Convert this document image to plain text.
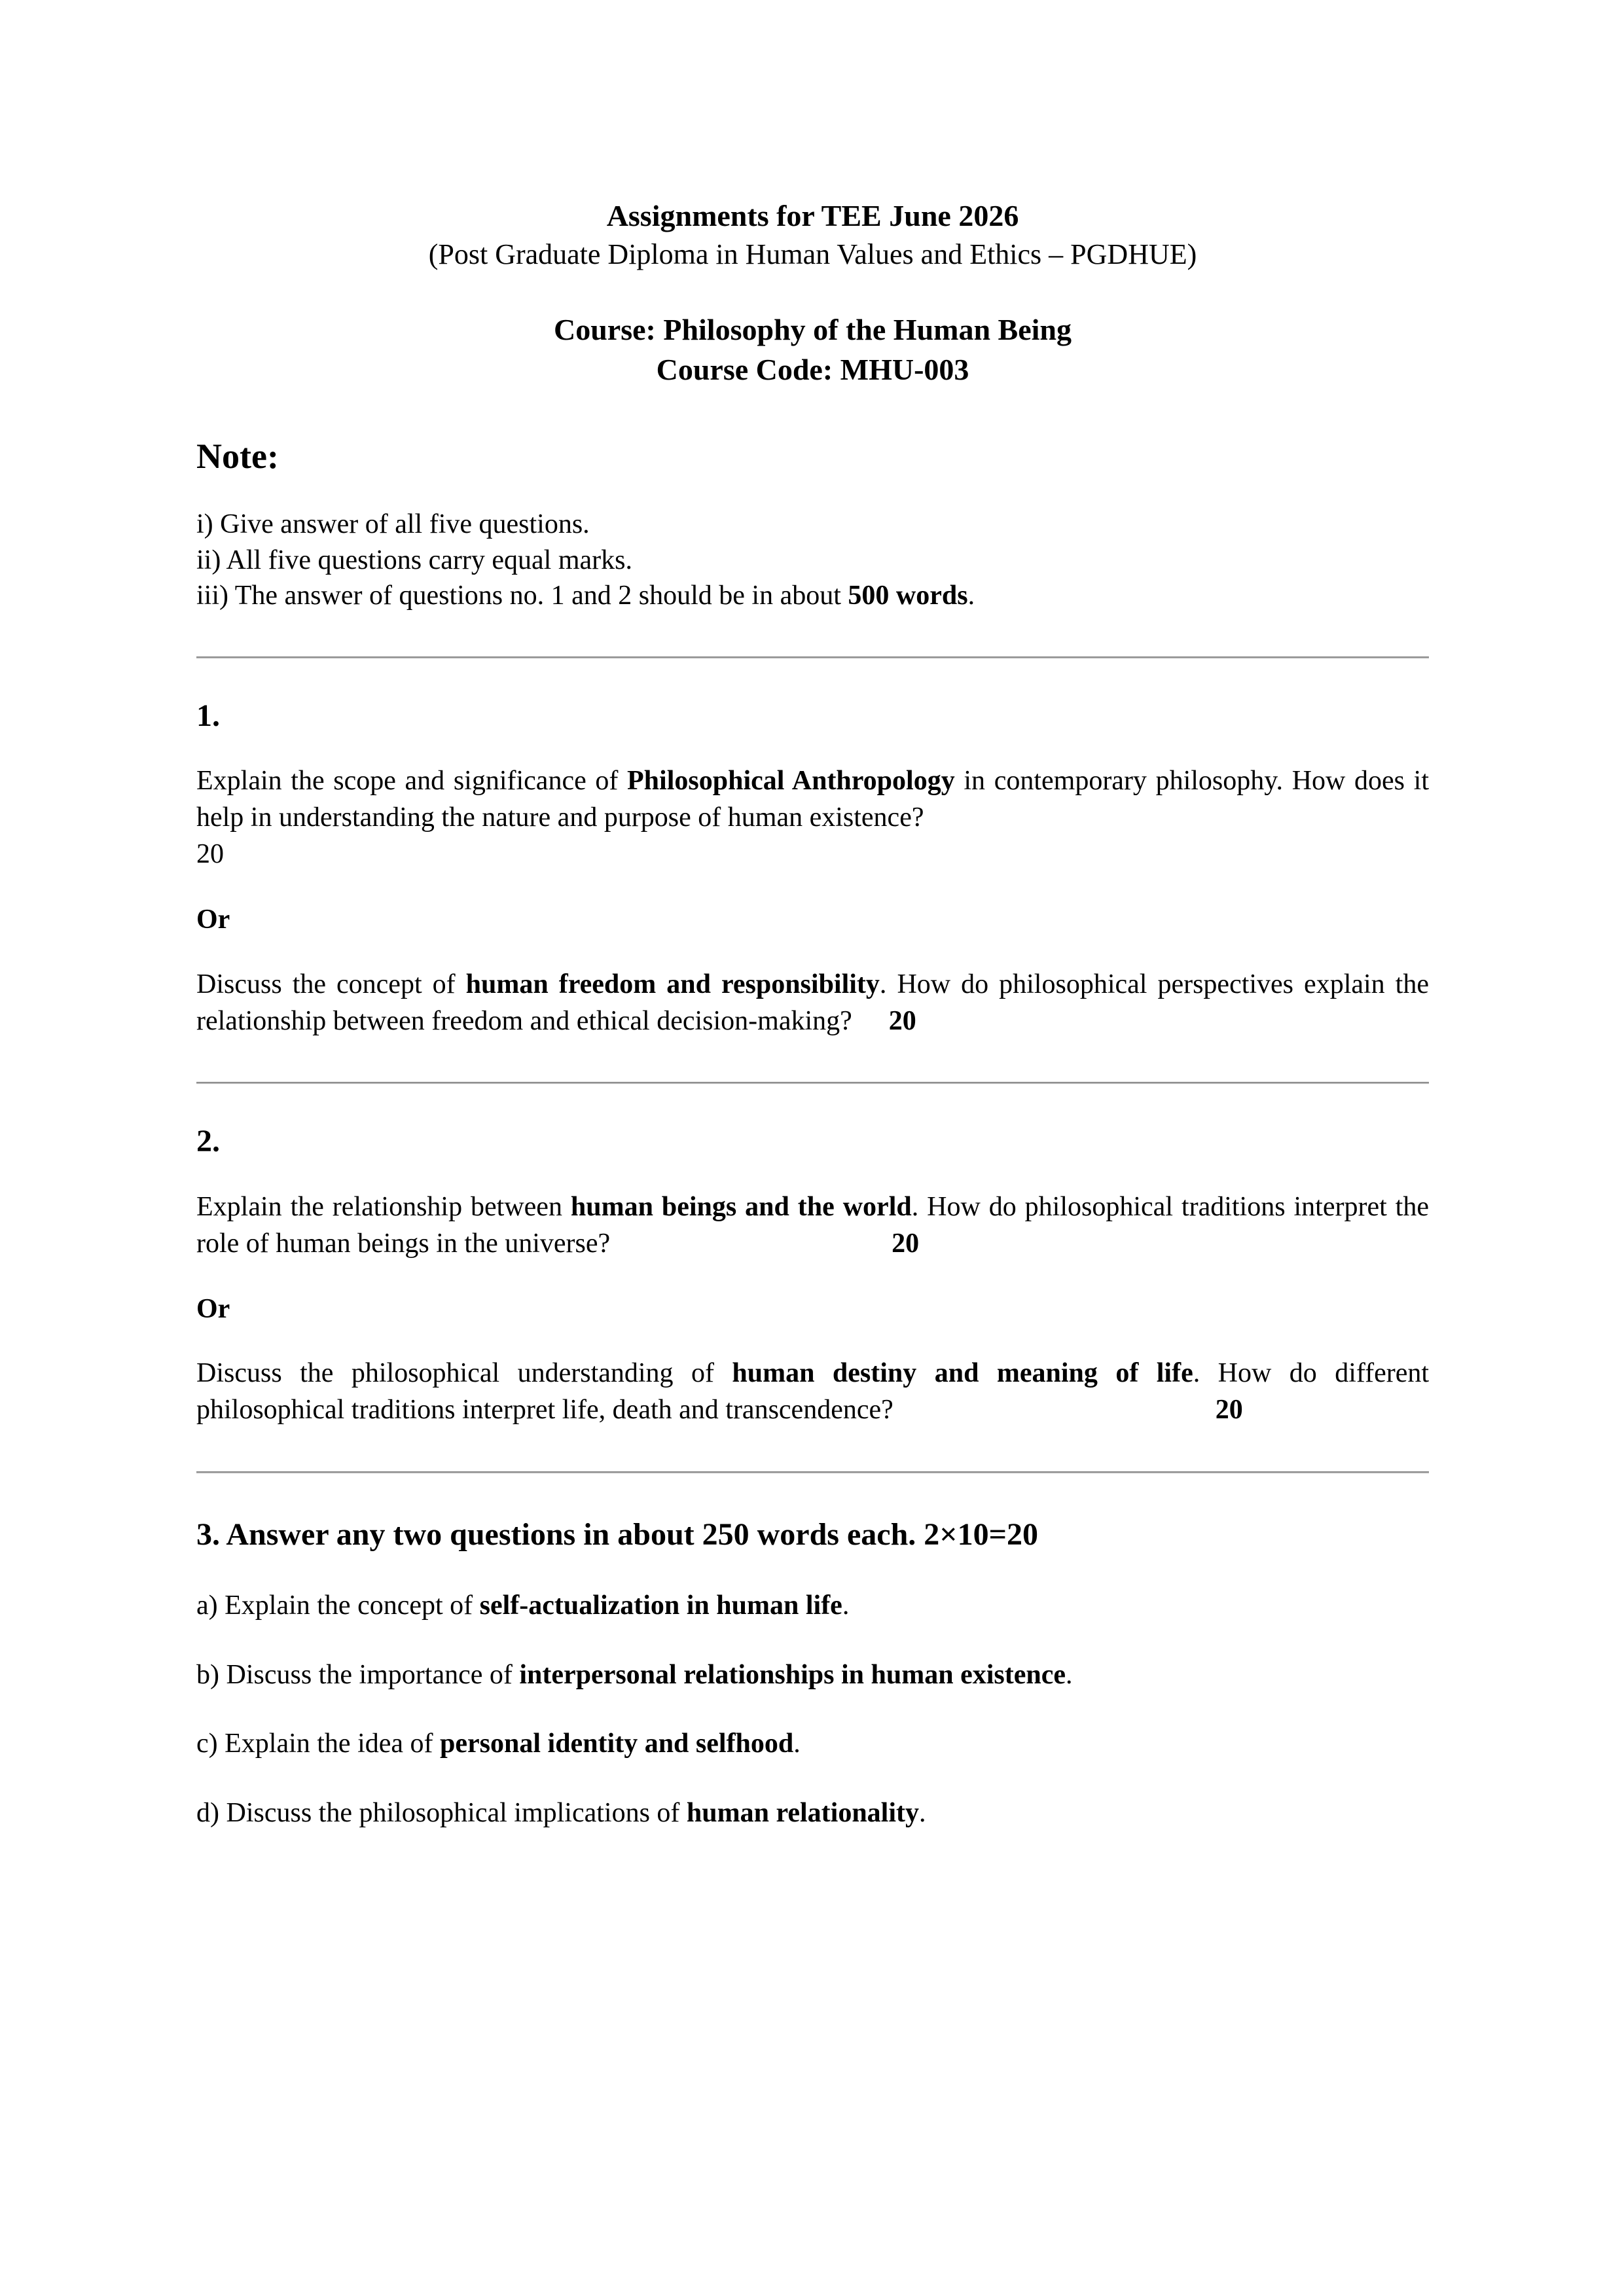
Assignments for TEE June 2026

(Post Graduate Diploma in Human Values and Ethics – PGDHUE)

Course: Philosophy of the Human Being

Course Code: MHU-003

Note:

i) Give answer of all five questions.

ii) All five questions carry equal marks.

iii) The answer of questions no. 1 and 2 should be in about 500 words.

1.

Explain the scope and significance of Philosophical Anthropology in contemporary philosophy. How does it help in understanding the nature and purpose of human existence?
20

Or

Discuss the concept of human freedom and responsibility. How do philosophical perspectives explain the relationship between freedom and ethical decision-making? 20

2.

Explain the relationship between human beings and the world. How do philosophical traditions interpret the role of human beings in the universe?	20

Or

Discuss the philosophical understanding of human destiny and meaning of life. How do different philosophical traditions interpret life, death and transcendence?	20

3. Answer any two questions in about 250 words each. 2×10=20

a) Explain the concept of self-actualization in human life.

b) Discuss the importance of interpersonal relationships in human existence.

c) Explain the idea of personal identity and selfhood.

d) Discuss the philosophical implications of human relationality.
